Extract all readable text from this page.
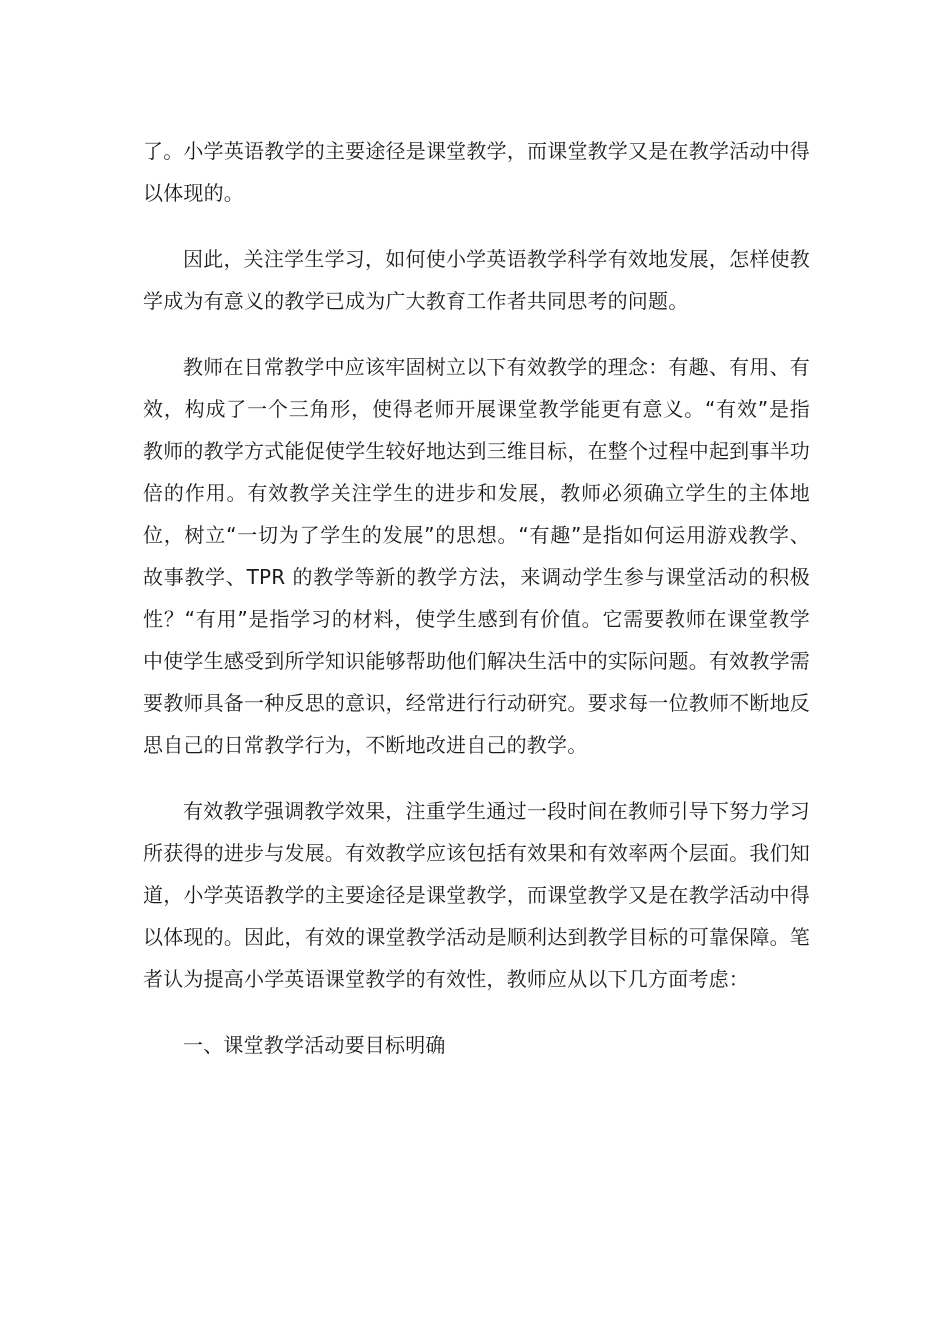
了。小学英语教学的主要途径是课堂教学，而课堂教学又是在教学活动中得以体现的。

因此，关注学生学习，如何使小学英语教学科学有效地发展，怎样使教学成为有意义的教学已成为广大教育工作者共同思考的问题。

教师在日常教学中应该牢固树立以下有效教学的理念：有趣、有用、有效，构成了一个三角形，使得老师开展课堂教学能更有意义。“有效”是指教师的教学方式能促使学生较好地达到三维目标，在整个过程中起到事半功倍的作用。有效教学关注学生的进步和发展，教师必须确立学生的主体地位，树立“一切为了学生的发展”的思想。“有趣”是指如何运用游戏教学、故事教学、TPR 的教学等新的教学方法，来调动学生参与课堂活动的积极性？“有用”是指学习的材料，使学生感到有价值。它需要教师在课堂教学中使学生感受到所学知识能够帮助他们解决生活中的实际问题。有效教学需要教师具备一种反思的意识，经常进行行动研究。要求每一位教师不断地反思自己的日常教学行为，不断地改进自己的教学。

有效教学强调教学效果，注重学生通过一段时间在教师引导下努力学习所获得的进步与发展。有效教学应该包括有效果和有效率两个层面。我们知道，小学英语教学的主要途径是课堂教学，而课堂教学又是在教学活动中得以体现的。因此，有效的课堂教学活动是顺利达到教学目标的可靠保障。笔者认为提高小学英语课堂教学的有效性，教师应从以下几方面考虑：

一、课堂教学活动要目标明确
